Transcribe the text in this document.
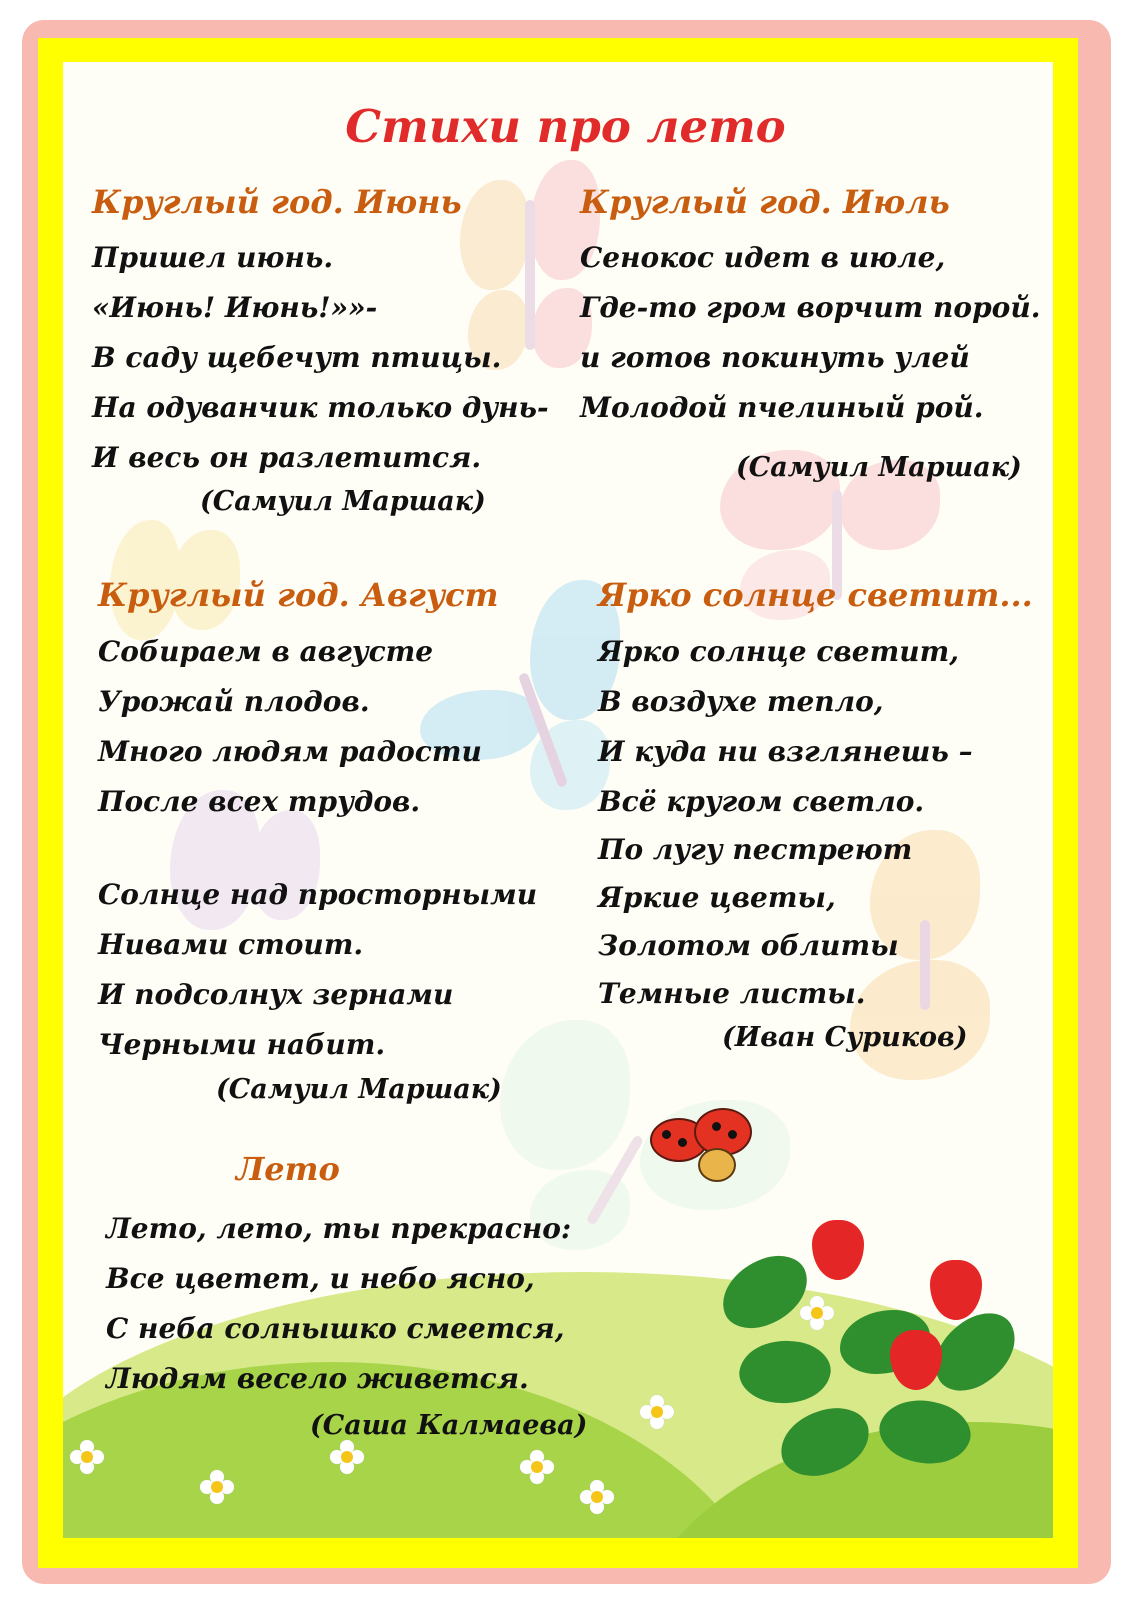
Стихи про лето
Круглый год. Июнь
Пришел июнь.
«Июнь! Июнь!»»-
В саду щебечут птицы.
На одуванчик только дунь-
И весь он разлетится.
(Самуил Маршак)
Круглый год. Июль
Сенокос идет в июле,
Где-то гром ворчит порой.
и готов покинуть улей
Молодой пчелиный рой.
(Самуил Маршак)
Круглый год. Август
Собираем в августе
Урожай плодов.
Много людям радости
После всех трудов.
Солнце над просторными
Нивами стоит.
И подсолнух зернами
Черными набит.
(Самуил Маршак)
Ярко солнце светит...
Ярко солнце светит,
В воздухе тепло,
И куда ни взглянешь –
Всё кругом светло.
По лугу пестреют
Яркие цветы,
Золотом облиты
Темные листы.
(Иван Суриков)
Лето
Лето, лето, ты прекрасно:
Все цветет, и небо ясно,
С неба солнышко смеется,
Людям весело живется.
(Саша Калмаева)
